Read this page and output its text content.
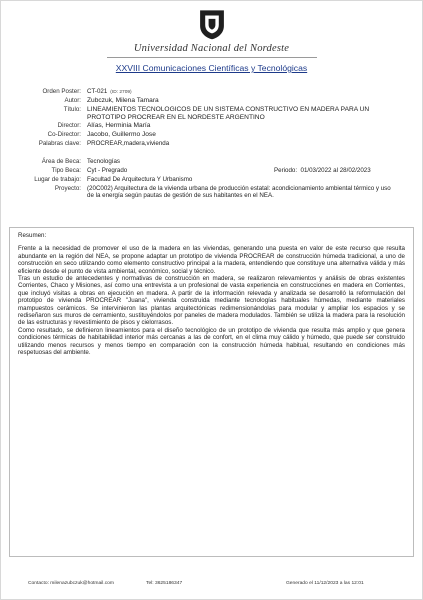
Universidad Nacional del Nordeste
XXVIII Comunicaciones Científicas y Tecnológicas
Orden Poster: CT-021 (ID: 2709)
Autor: Zubczuk, Milena Tamara
Título: LINEAMIENTOS TECNOLOGICOS DE UN SISTEMA CONSTRUCTIVO EN MADERA PARA UN PROTOTIPO PROCREAR EN EL NORDESTE ARGENTINO
Director: Alías, Herminia María
Co-Director: Jacobo, Guillermo Jose
Palabras clave: PROCREAR,madera,vivienda
Área de Beca: Tecnologías
Tipo Beca: Cyt - Pregrado	Periodo: 01/03/2022 al 28/02/2023
Lugar de trabajo: Facultad De Arquitectura Y Urbanismo
Proyecto: (20C002) Arquitectura de la vivienda urbana de producción estatal: acondicionamiento ambiental térmico y uso de la energía según pautas de gestión de sus habitantes en el NEA.
Resumen:

Frente a la necesidad de promover el uso de la madera en las viviendas, generando una puesta en valor de este recurso que resulta abundante en la región del NEA, se propone adaptar un prototipo de vivienda PROCREAR de construcción húmeda tradicional, a uno de construcción en seco utilizando como elemento constructivo principal a la madera, entendiendo que constituye una alternativa válida y más eficiente desde el punto de vista ambiental, económico, social y técnico.

Tras un estudio de antecedentes y normativas de construcción en madera, se realizaron relevamientos y análisis de obras existentes Corrientes, Chaco y Misiones, así como una entrevista a un profesional de vasta experiencia en construcciones en madera en Corrientes, que incluyó visitas a obras en ejecución en madera. A partir de la información relevada y analizada se desarrolló la reformulación del prototipo de vivienda PROCREAR "Juana", vivienda construida mediante tecnologías habituales húmedas, mediante materiales mampuestos cerámicos. Se intervinieron las plantas arquitectónicas redimensionándolas para modular y ampliar los espacios y se rediseñaron sus muros de cerramiento, sustituyéndolos por paneles de madera modulados. También se utiliza la madera para la resolución de las estructuras y revestimiento de pisos y cielorrasos.

Como resultado, se definieron lineamientos para el diseño tecnológico de un prototipo de vivienda que resulta más amplio y que genera condiciones térmicas de habitabilidad interior más cercanas a las de confort, en el clima muy cálido y húmedo, que puede ser construido utilizando menos recursos y menos tiempo en comparación con la construcción húmeda habitual, resultando en condiciones más respetuosas del ambiente.

Contacto: milenazubczuk@hotmail.com	Tel: 3625186347	Generado el 11/12/2023 a las 12:01
